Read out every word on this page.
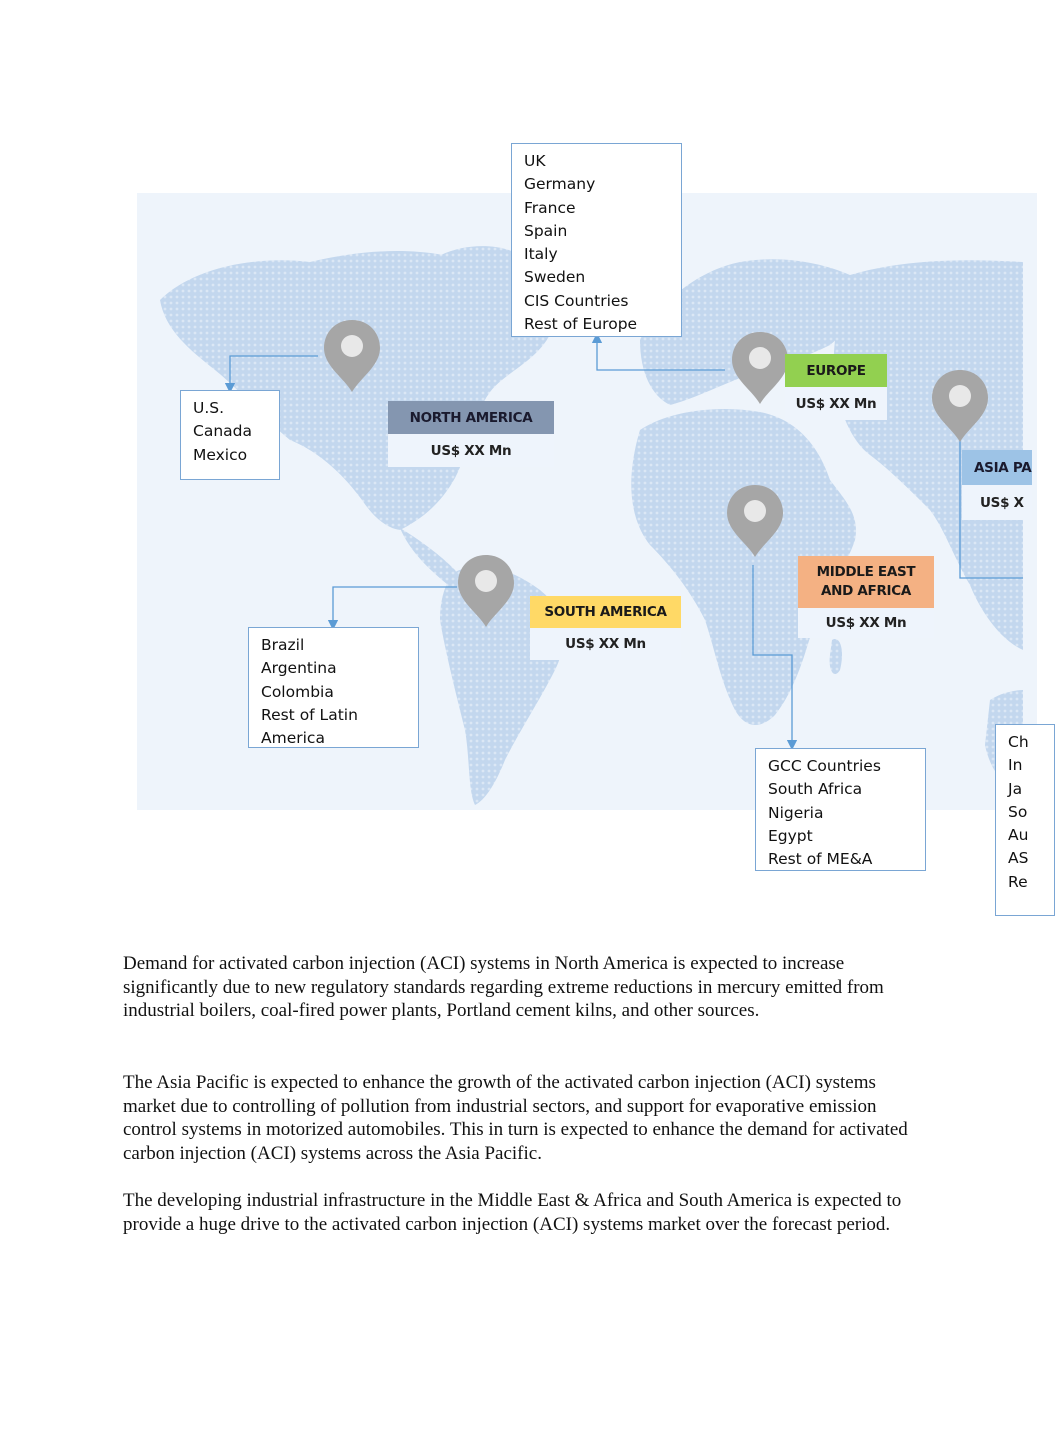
UK
Germany
France
Spain
Italy
Sweden
CIS Countries
Rest of Europe
U.S.
Canada
Mexico
Brazil
Argentina
Colombia
Rest of Latin
America
GCC Countries
South Africa
Nigeria
Egypt
Rest of ME&A
Ch
In
Ja
So
Au
AS
Re
NORTH AMERICA
US$ XX Mn
EUROPE
US$ XX Mn
ASIA PA
US$ X
MIDDLE EAST
AND AFRICA
US$ XX Mn
SOUTH AMERICA
US$ XX Mn

Demand for activated carbon injection (ACI) systems in North America is expected to increase significantly due to new regulatory standards regarding extreme reductions in mercury emitted from industrial boilers, coal-fired power plants, Portland cement kilns, and other sources.

The Asia Pacific is expected to enhance the growth of the activated carbon injection (ACI) systems market due to controlling of pollution from industrial sectors, and support for evaporative emission control systems in motorized automobiles. This in turn is expected to enhance the demand for activated carbon injection (ACI) systems across the Asia Pacific.

The developing industrial infrastructure in the Middle East & Africa and South America is expected to provide a huge drive to the activated carbon injection (ACI) systems market over the forecast period.
